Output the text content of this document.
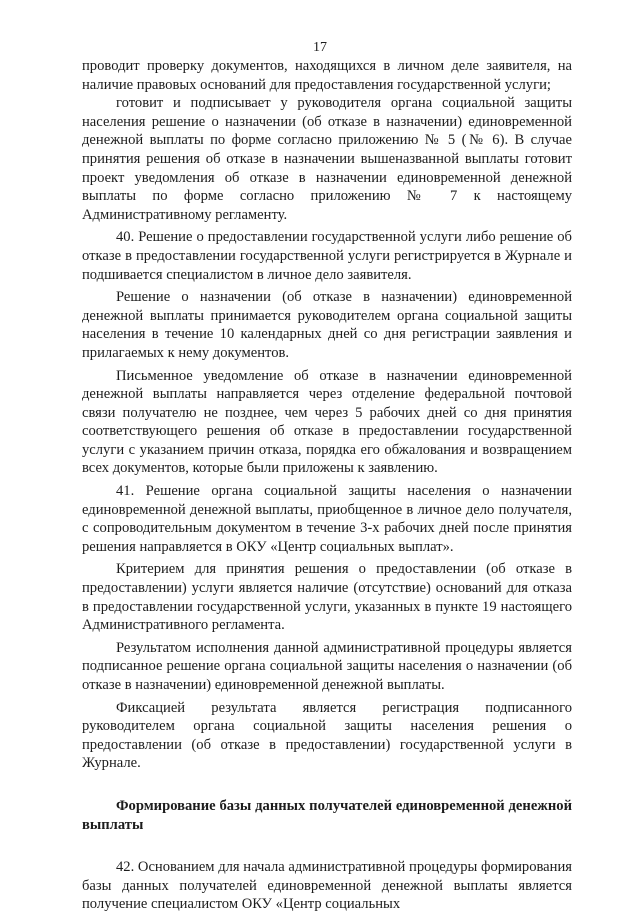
17

проводит проверку документов, находящихся в личном деле заявителя, на наличие правовых оснований для предоставления государственной услуги;

готовит и подписывает у руководителя органа социальной защиты населения решение о назначении (об отказе в назначении) единовременной денежной выплаты по форме согласно приложению № 5 (№ 6). В случае принятия решения об отказе в назначении вышеназванной выплаты готовит проект уведомления об отказе в назначении единовременной денежной выплаты по форме согласно приложению № 7 к настоящему Административному регламенту.

40. Решение о предоставлении государственной услуги либо решение об отказе в предоставлении государственной услуги регистрируется в Журнале и подшивается специалистом в личное дело заявителя.

Решение о назначении (об отказе в назначении) единовременной денежной выплаты принимается руководителем органа социальной защиты населения в течение 10 календарных дней со дня регистрации заявления и прилагаемых к нему документов.

Письменное уведомление об отказе в назначении единовременной денежной выплаты направляется через отделение федеральной почтовой связи получателю не позднее, чем через 5 рабочих дней со дня принятия соответствующего решения об отказе в предоставлении государственной услуги с указанием причин отказа, порядка его обжалования и возвращением всех документов, которые были приложены к заявлению.

41. Решение органа социальной защиты населения о назначении единовременной денежной выплаты, приобщенное в личное дело получателя, с сопроводительным документом в течение 3-х рабочих дней после принятия решения направляется в ОКУ «Центр социальных выплат».

Критерием для принятия решения о предоставлении (об отказе в предоставлении) услуги является наличие (отсутствие) оснований для отказа в предоставлении государственной услуги, указанных в пункте 19 настоящего Административного регламента.

Результатом исполнения данной административной процедуры является подписанное решение органа социальной защиты населения о назначении (об отказе в назначении) единовременной денежной выплаты.

Фиксацией результата является регистрация подписанного руководителем органа социальной защиты населения решения о предоставлении (об отказе в предоставлении) государственной услуги в Журнале.

Формирование базы данных получателей единовременной денежной выплаты

42. Основанием для начала административной процедуры формирования базы данных получателей единовременной денежной выплаты является получение специалистом ОКУ «Центр социальных
